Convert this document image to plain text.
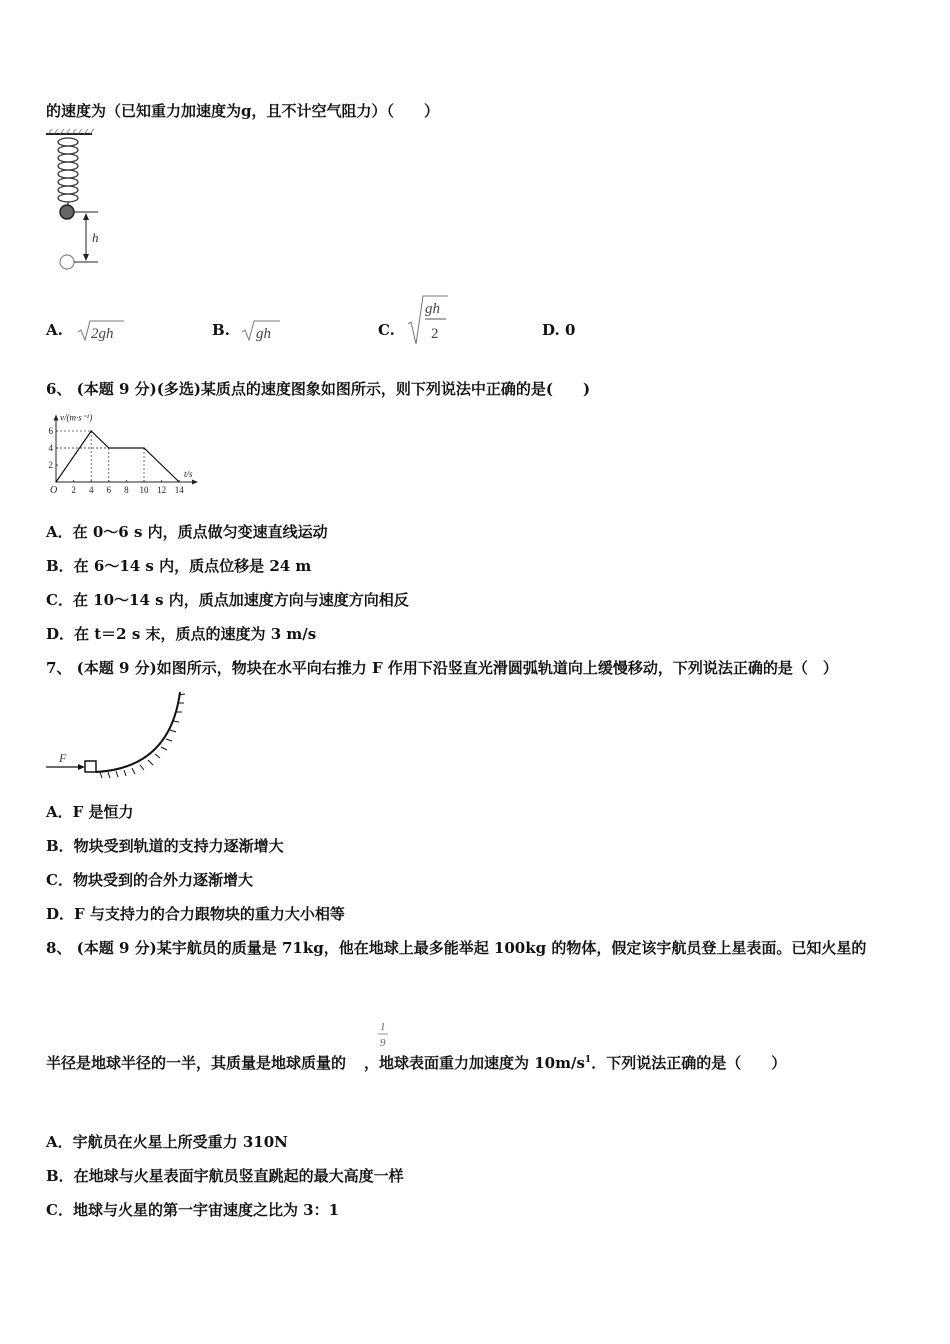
的速度为（已知重力加速度为g，且不计空气阻力）（　　）
h
A. 2gh	B. gh	C.
gh
2	D. 0
6、 (本题 9 分)(多选)某质点的速度图象如图所示，则下列说法中正确的是(　　)
2 4 6 8 10 12 14
2
4
6
O
v/(m·s⁻¹)
t/s
A．在 0～6 s 内，质点做匀变速直线运动
B．在 6～14 s 内，质点位移是 24 m
C．在 10～14 s 内，质点加速度方向与速度方向相反
D．在 t＝2 s 末，质点的速度为 3 m/s
7、 (本题 9 分)如图所示，物块在水平向右推力 F 作用下沿竖直光滑圆弧轨道向上缓慢移动，下列说法正确的是（　）
F
A．F 是恒力
B．物块受到轨道的支持力逐渐增大
C．物块受到的合外力逐渐增大
D．F 与支持力的合力跟物块的重力大小相等
8、 (本题 9 分)某宇航员的质量是 71kg，他在地球上最多能举起 100kg 的物体，假定该宇航员登上星表面。已知火星的
1
9
半径是地球半径的一半，其质量是地球质量的 ，地球表面重力加速度为 $10m/s^1$．下列说法正确的是（　　）
A．宇航员在火星上所受重力 310N
B．在地球与火星表面宇航员竖直跳起的最大高度一样
C．地球与火星的第一宇宙速度之比为 3：1
